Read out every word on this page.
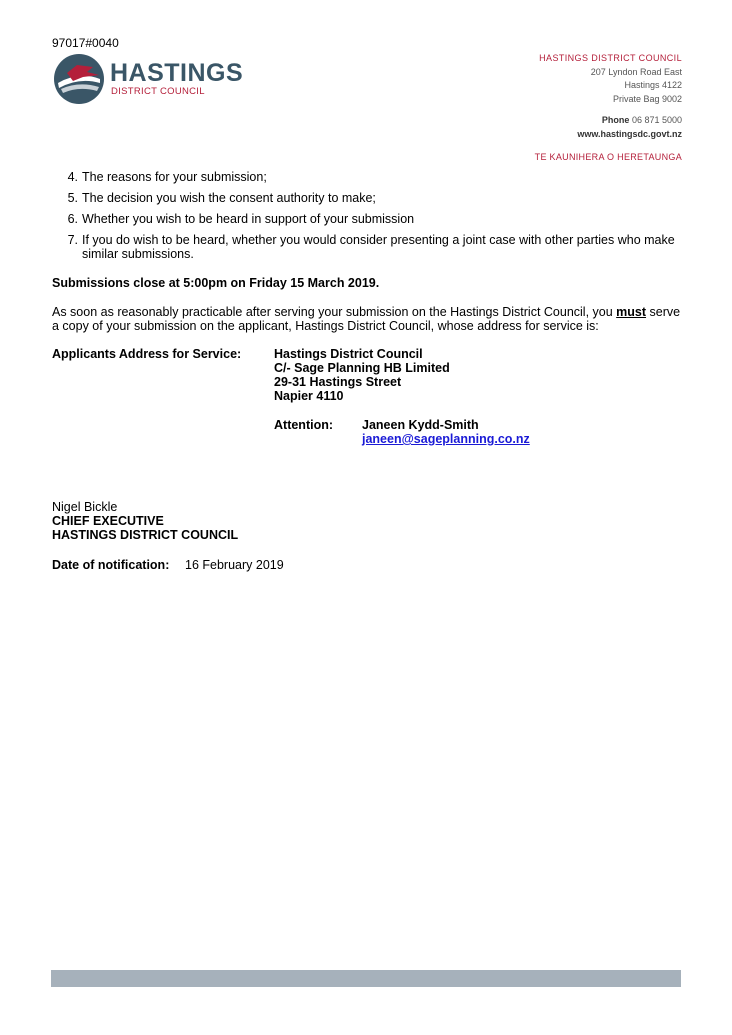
97017#0040
HASTINGS
DISTRICT COUNCIL
HASTINGS DISTRICT COUNCIL
207 Lyndon Road East
Hastings 4122
Private Bag 9002
Phone 06 871 5000
www.hastingsdc.govt.nz
TE KAUNIHERA O HERETAUNGA
4. The reasons for your submission;
5. The decision you wish the consent authority to make;
6. Whether you wish to be heard in support of your submission
7. If you do wish to be heard, whether you would consider presenting a joint case with other parties who make similar submissions.
Submissions close at 5:00pm on Friday 15 March 2019.
As soon as reasonably practicable after serving your submission on the Hastings District Council, you must serve a copy of your submission on the applicant, Hastings District Council, whose address for service is:
Applicants Address for Service:	Hastings District Council
C/- Sage Planning HB Limited
29-31 Hastings Street
Napier 4110
Attention: Janeen Kydd-Smith
janeen@sageplanning.co.nz
Nigel Bickle
CHIEF EXECUTIVE
HASTINGS DISTRICT COUNCIL
Date of notification: 16 February 2019
